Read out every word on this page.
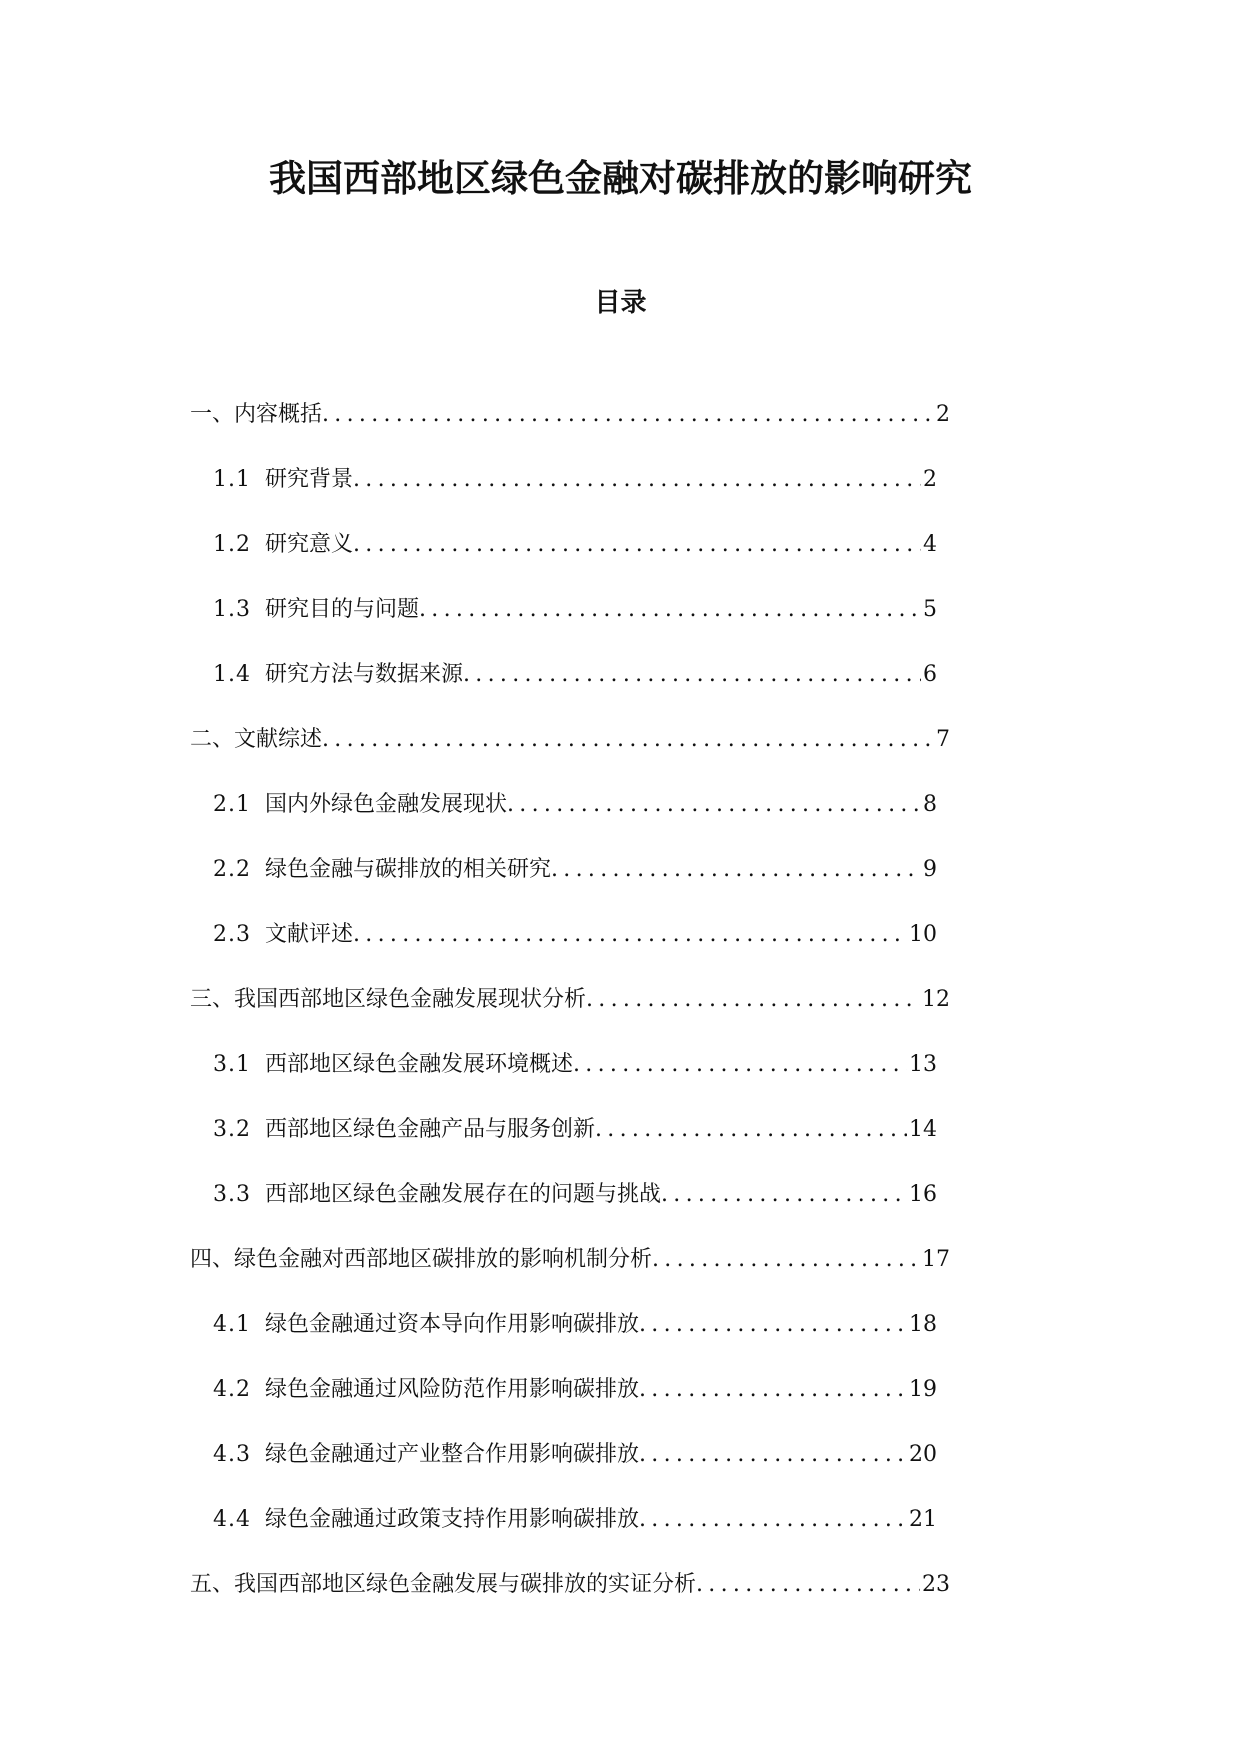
我国西部地区绿色金融对碳排放的影响研究
目录
一、内容概括 .....	2
1.1 研究背景 .....	2
1.2 研究意义 .....	4
1.3 研究目的与问题 .....	5
1.4 研究方法与数据来源 .....	6
二、文献综述 .....	7
2.1 国内外绿色金融发展现状 .....	8
2.2 绿色金融与碳排放的相关研究 .....	9
2.3 文献评述 .....	10
三、我国西部地区绿色金融发展现状分析 .....	12
3.1 西部地区绿色金融发展环境概述 .....	13
3.2 西部地区绿色金融产品与服务创新 .....	14
3.3 西部地区绿色金融发展存在的问题与挑战 .....	16
四、绿色金融对西部地区碳排放的影响机制分析 .....	17
4.1 绿色金融通过资本导向作用影响碳排放 .....	18
4.2 绿色金融通过风险防范作用影响碳排放 .....	19
4.3 绿色金融通过产业整合作用影响碳排放 .....	20
4.4 绿色金融通过政策支持作用影响碳排放 .....	21
五、我国西部地区绿色金融发展与碳排放的实证分析 .....	23
